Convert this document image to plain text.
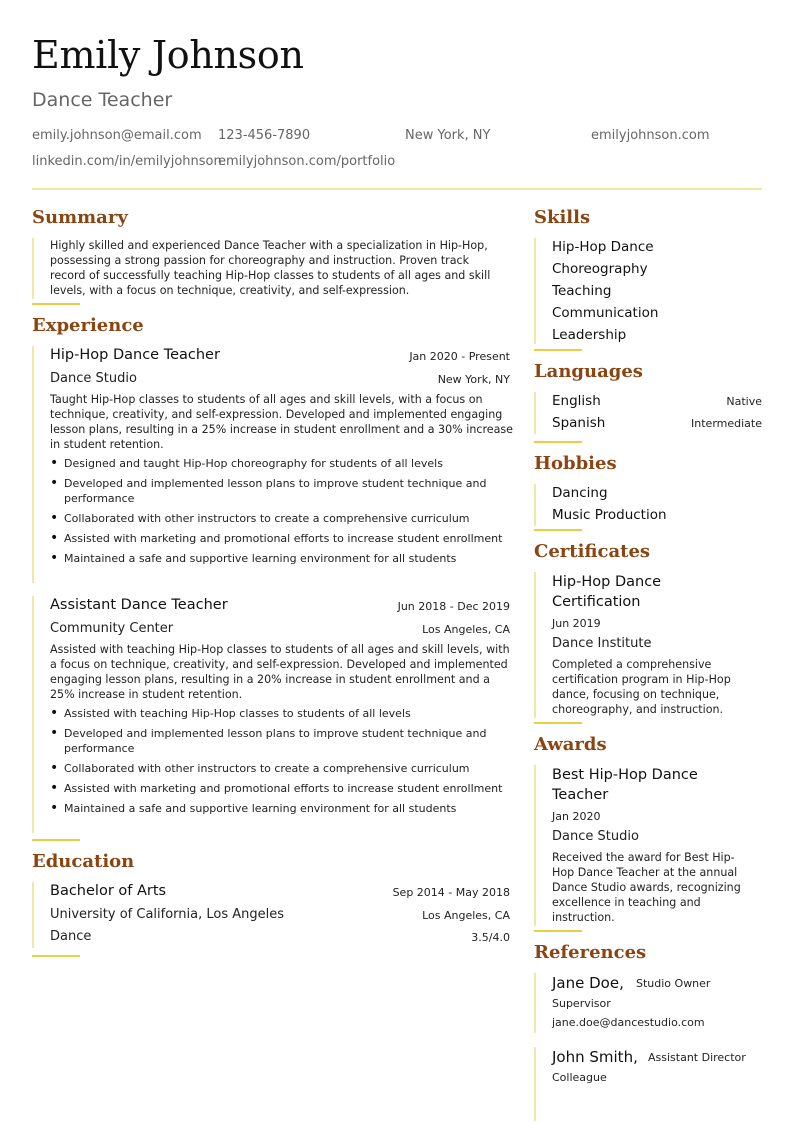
Emily Johnson
Dance Teacher
emily.johnson@email.com 123-456-7890	New York, NY	emilyjohnson.com
linkedin.com/in/emilyjohnson
emilyjohnson.com/portfolio
Summary
Highly skilled and experienced Dance Teacher with a specialization in Hip-Hop,
possessing a strong passion for choreography and instruction. Proven track
record of successfully teaching Hip-Hop classes to students of all ages and skill
levels, with a focus on technique, creativity, and self-expression.
Experience
Hip-Hop Dance Teacher	Jan 2020 - Present
Dance Studio	New York, NY
Taught Hip-Hop classes to students of all ages and skill levels, with a focus on
technique, creativity, and self-expression. Developed and implemented engaging
lesson plans, resulting in a 25% increase in student enrollment and a 30% increase
in student retention.
• Designed and taught Hip-Hop choreography for students of all levels
• Developed and implemented lesson plans to improve student technique and performance
• Collaborated with other instructors to create a comprehensive curriculum
• Assisted with marketing and promotional efforts to increase student enrollment
• Maintained a safe and supportive learning environment for all students
Assistant Dance Teacher	Jun 2018 - Dec 2019
Community Center	Los Angeles, CA
Assisted with teaching Hip-Hop classes to students of all ages and skill levels, with
a focus on technique, creativity, and self-expression. Developed and implemented
engaging lesson plans, resulting in a 20% increase in student enrollment and a
25% increase in student retention.
• Assisted with teaching Hip-Hop classes to students of all levels
• Developed and implemented lesson plans to improve student technique and performance
• Collaborated with other instructors to create a comprehensive curriculum
• Assisted with marketing and promotional efforts to increase student enrollment
• Maintained a safe and supportive learning environment for all students
Education
Bachelor of Arts	Sep 2014 - May 2018
University of California, Los Angeles	Los Angeles, CA
Dance	3.5/4.0
Skills
Hip-Hop Dance
Choreography
Teaching
Communication
Leadership
Languages
English	Native
Spanish	Intermediate
Hobbies
Dancing
Music Production
Certificates
Hip-Hop Dance
Certification
Jun 2019
Dance Institute
Completed a comprehensive
certification program in Hip-Hop
dance, focusing on technique,
choreography, and instruction.
Awards
Best Hip-Hop Dance
Teacher
Jan 2020
Dance Studio
Received the award for Best Hip-
Hop Dance Teacher at the annual
Dance Studio awards, recognizing
excellence in teaching and
instruction.
References
Jane Doe, Studio Owner
Supervisor
jane.doe@dancestudio.com
John Smith, Assistant Director
Colleague
